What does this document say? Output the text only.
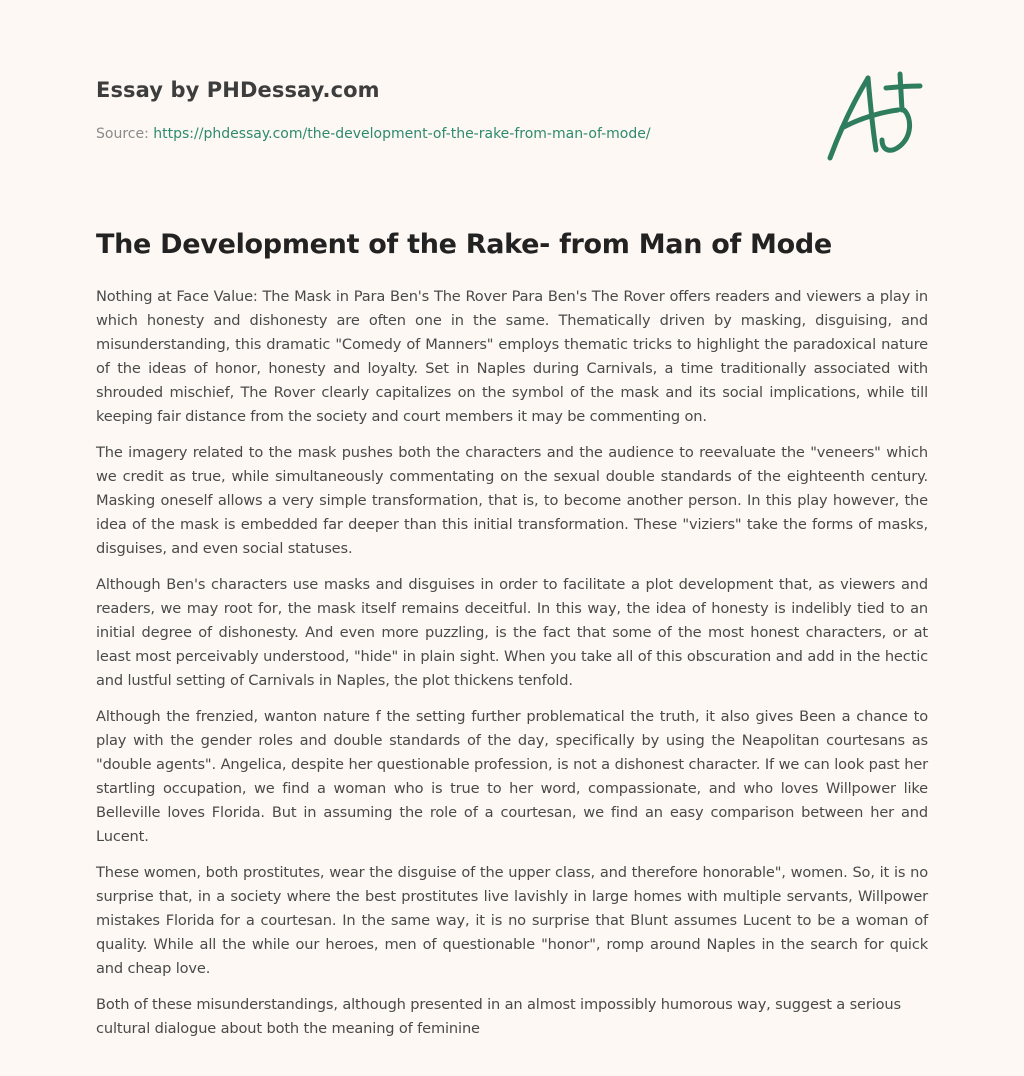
Essay by PHDessay.com
Source: https://phdessay.com/the-development-of-the-rake-from-man-of-mode/
The Development of the Rake- from Man of Mode

Nothing at Face Value: The Mask in Para Ben's The Rover Para Ben's The Rover offers readers and viewers a play in which honesty and dishonesty are often one in the same. Thematically driven by masking, disguising, and misunderstanding, this dramatic "Comedy of Manners" employs thematic tricks to highlight the paradoxical nature of the ideas of honor, honesty and loyalty. Set in Naples during Carnivals, a time traditionally associated with shrouded mischief, The Rover clearly capitalizes on the symbol of the mask and its social implications, while till keeping fair distance from the society and court members it may be commenting on.

The imagery related to the mask pushes both the characters and the audience to reevaluate the "veneers" which we credit as true, while simultaneously commentating on the sexual double standards of the eighteenth century. Masking oneself allows a very simple transformation, that is, to become another person. In this play however, the idea of the mask is embedded far deeper than this initial transformation. These "viziers" take the forms of masks, disguises, and even social statuses.

Although Ben's characters use masks and disguises in order to facilitate a plot development that, as viewers and readers, we may root for, the mask itself remains deceitful. In this way, the idea of honesty is indelibly tied to an initial degree of dishonesty. And even more puzzling, is the fact that some of the most honest characters, or at least most perceivably understood, "hide" in plain sight. When you take all of this obscuration and add in the hectic and lustful setting of Carnivals in Naples, the plot thickens tenfold.

Although the frenzied, wanton nature f the setting further problematical the truth, it also gives Been a chance to play with the gender roles and double standards of the day, specifically by using the Neapolitan courtesans as "double agents". Angelica, despite her questionable profession, is not a dishonest character. If we can look past her startling occupation, we find a woman who is true to her word, compassionate, and who loves Willpower like Belleville loves Florida. But in assuming the role of a courtesan, we find an easy comparison between her and Lucent.

These women, both prostitutes, wear the disguise of the upper class, and therefore honorable", women. So, it is no surprise that, in a society where the best prostitutes live lavishly in large homes with multiple servants, Willpower mistakes Florida for a courtesan. In the same way, it is no surprise that Blunt assumes Lucent to be a woman of quality. While all the while our heroes, men of questionable "honor", romp around Naples in the search for quick and cheap love.

Both of these misunderstandings, although presented in an almost impossibly humorous way, suggest a serious cultural dialogue about both the meaning of feminine
